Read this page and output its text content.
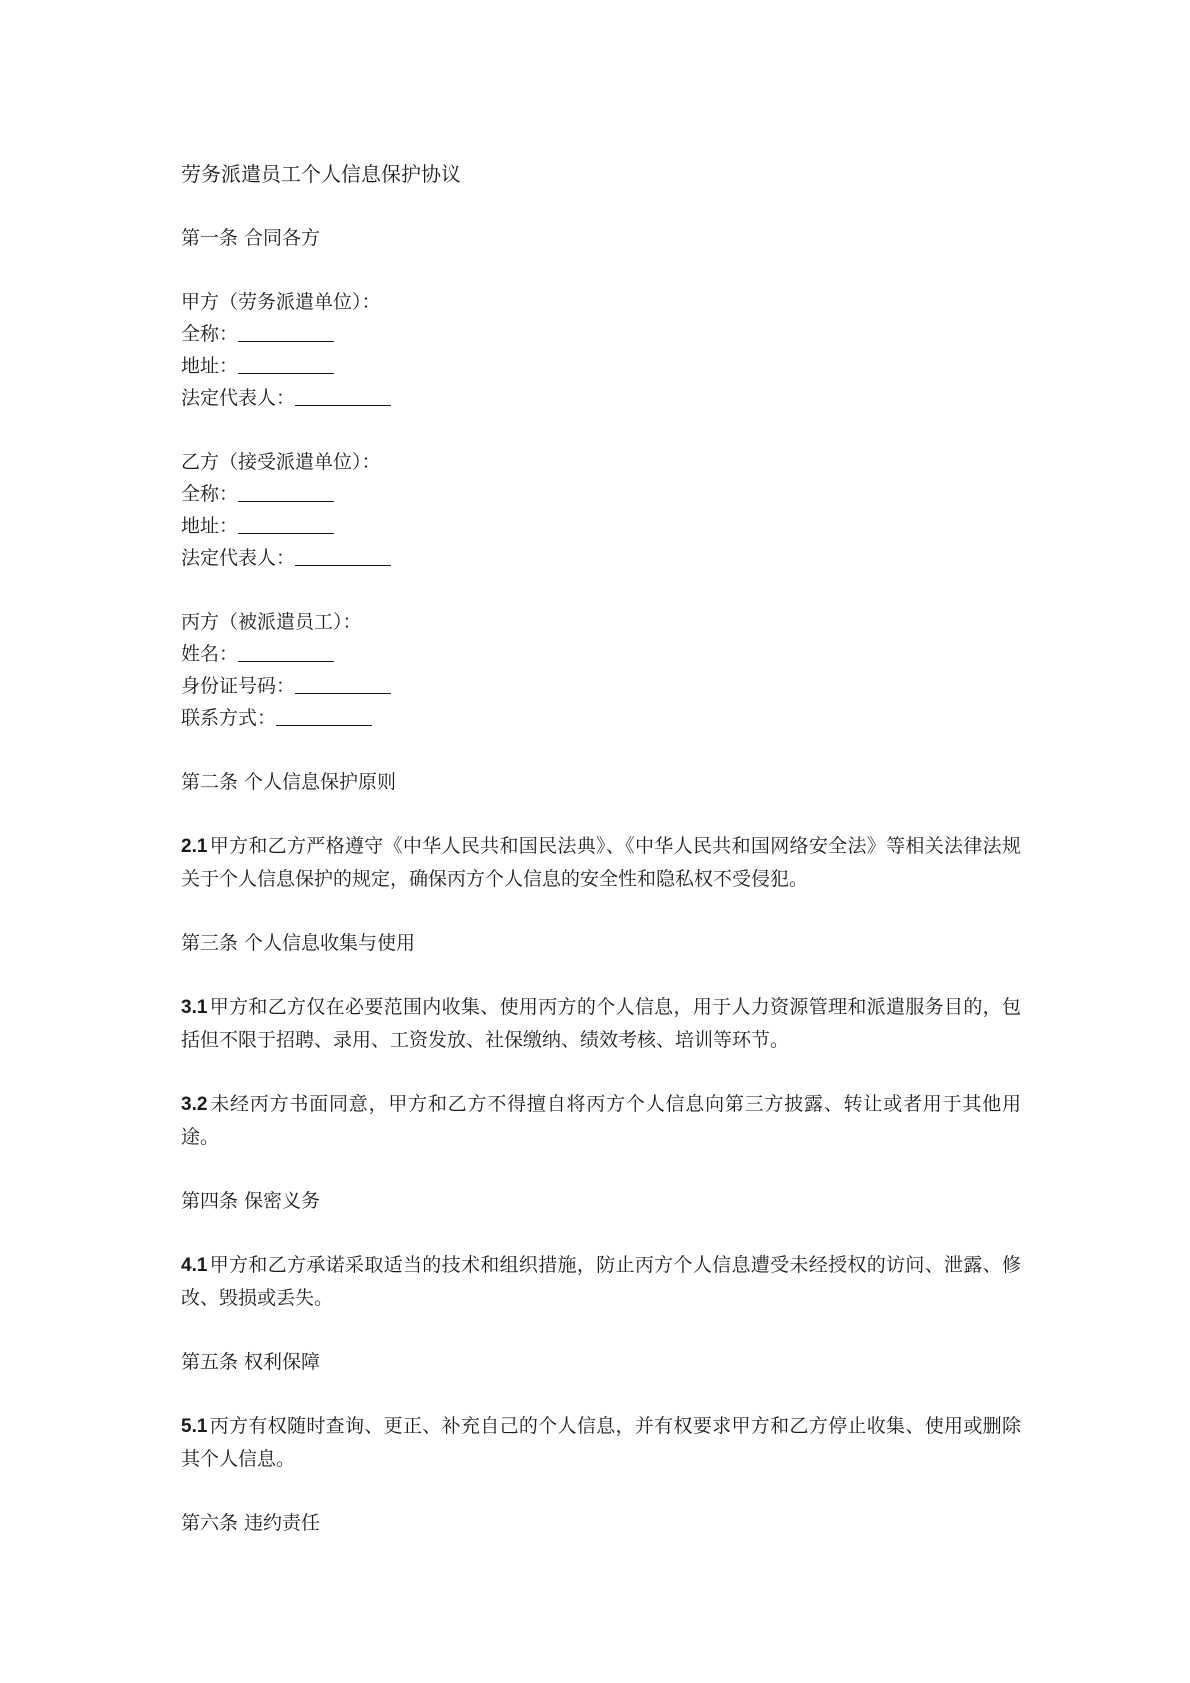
劳务派遣员工个人信息保护协议

第一条 合同各方

甲方（劳务派遣单位）：

全称：

地址：

法定代表人：

乙方（接受派遣单位）：

全称：

地址：

法定代表人：

丙方（被派遣员工）：

姓名：

身份证号码：

联系方式：

第二条 个人信息保护原则

2.1 甲方和乙方严格遵守《中华人民共和国民法典》、《中华人民共和国网络安全法》等相关法律法规关于个人信息保护的规定，确保丙方个人信息的安全性和隐私权不受侵犯。

第三条 个人信息收集与使用

3.1 甲方和乙方仅在必要范围内收集、使用丙方的个人信息，用于人力资源管理和派遣服务目的，包括但不限于招聘、录用、工资发放、社保缴纳、绩效考核、培训等环节。

3.2 未经丙方书面同意，甲方和乙方不得擅自将丙方个人信息向第三方披露、转让或者用于其他用途。

第四条 保密义务

4.1 甲方和乙方承诺采取适当的技术和组织措施，防止丙方个人信息遭受未经授权的访问、泄露、修改、毁损或丢失。

第五条 权利保障

5.1 丙方有权随时查询、更正、补充自己的个人信息，并有权要求甲方和乙方停止收集、使用或删除其个人信息。

第六条 违约责任
